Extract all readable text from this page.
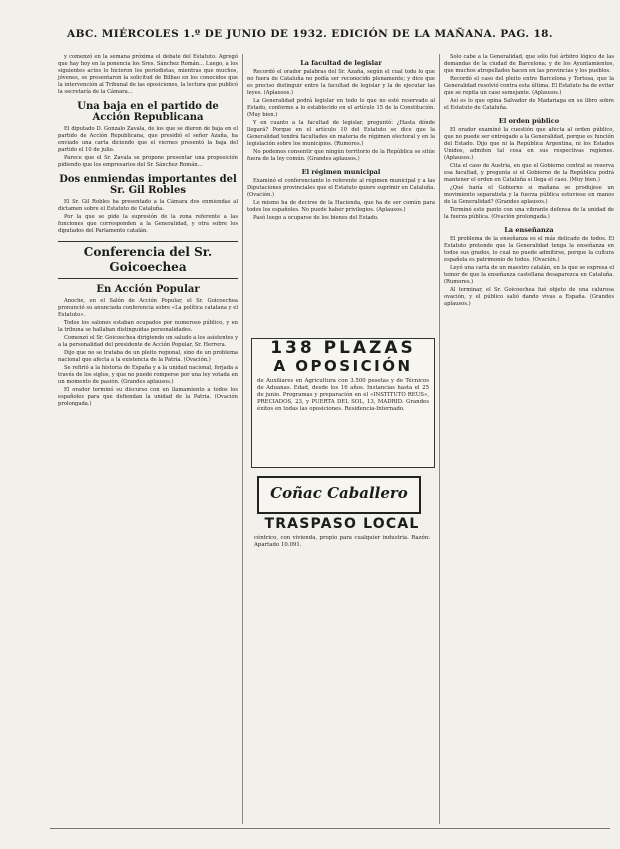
ABC. MIÉRCOLES 1.º DE JUNIO DE 1932. EDICIÓN DE LA MAÑANA. PAG. 18.

y comenzó en la semana próxima el debate del Estatuto. Agregó que hay hoy en la ponencia los Sres. Sánchez Román... Luego, a los siguientes actos lo hicieron los periodistas, mientras que muchos, jóvenes, se presentaron la solicitud de Bilbao en los conocidos que la intervención al Tribunal de las oposiciones, la lectura que publicó la secretaría de la Cámara...

Una baja en el partido de Acción Republicana

El diputado D. Gonzalo Zavala, de los que se dieron de baja en el partido de Acción Republicana, que presidió el señor Azaña, ha enviado una carta diciendo que el viernes presentó la baja del partido el 10 de julio.

Parece que el Sr. Zavala se propone presentar una proposición pidiendo que los empresarios del Sr. Sánchez Román...

Dos enmiendas importantes del Sr. Gil Robles

El Sr. Gil Robles ha presentado a la Cámara dos enmiendas al dictamen sobre el Estatuto de Cataluña.

Por la que se pide la supresión de la zona referente a las funciones que corresponden a la Generalidad, y otra sobre los diputados del Parlamento catalán.

Conferencia del Sr. Goicoechea
En Acción Popular

Anoche, en el Salón de Acción Popular, el Sr. Goicoechea pronunció su anunciada conferencia sobre «La política catalana y el Estatuto».

Todos los salones estaban ocupados por numeroso público, y en la tribuna se hallaban distinguidas personalidades.

Comenzó el Sr. Goicoechea dirigiendo un saludo a los asistentes y a la personalidad del presidente de Acción Popular, Sr. Herrera.

Dijo que no se trataba de un pleito regional, sino de un problema nacional que afecta a la existencia de la Patria. (Ovación.)

Se refirió a la historia de España y a la unidad nacional, forjada a través de los siglos, y que no puede romperse por una ley votada en un momento de pasión. (Grandes aplausos.)

El orador terminó su discurso con un llamamiento a todos los españoles para que defiendan la unidad de la Patria. (Ovación prolongada.)

La facultad de legislar

Recordó el orador palabras del Sr. Azaña, según el cual todo lo que no fuera de Cataluña no podía ser reconocido plenamente; y dice que es preciso distinguir entre la facultad de legislar y la de ejecutar las leyes. (Aplausos.)

La Generalidad podrá legislar en todo lo que no esté reservado al Estado, conforme a lo establecido en el artículo 15 de la Constitución. (Muy bien.)

Y en cuanto a la facultad de legislar, preguntó: ¿Hasta dónde llegará? Porque en el artículo 10 del Estatuto se dice que la Generalidad tendrá facultades en materia de régimen electoral y en la legislación sobre los municipios. (Rumores.)

No podemos consentir que ningún territorio de la República se sitúe fuera de la ley común. (Grandes aplausos.)

El régimen municipal

Examinó el conferenciante lo referente al régimen municipal y a las Diputaciones provinciales que el Estatuto quiere suprimir en Cataluña. (Ovación.)

Lo mismo ha de decirse de la Hacienda, que ha de ser común para todos los españoles. No puede haber privilegios. (Aplausos.)

Pasó luego a ocuparse de los bienes del Estado.

138 PLAZAS
A OPOSICIÓN
de Auxiliares en Agricultura con 3.500 pesetas y de Técnicos de Aduanas. Edad, desde los 16 años. Instancias hasta el 25 de junio. Programas y preparación en el «INSTITUTO REUS», PRECIADOS, 23, y PUERTA DEL SOL, 13, MADRID. Grandes éxitos en todas las oposiciones. Residencia-Internado.
Coñac Caballero
TRASPASO LOCAL
céntrico, con vivienda, propio para cualquier industria. Razón: Apartado 10.091.

Solo cabe a la Generalidad, que sólo fué árbitro lógico de las demandas de la ciudad de Barcelona; y de los Ayuntamientos, que muchos atropellados hacen en las provincias y los pueblos.

Recordó el caso del pleito entre Barcelona y Tortosa, que la Generalidad resolvió contra esta última. El Estatuto ha de evitar que se repita un caso semejante. (Aplausos.)

Así es lo que opina Salvador de Madariaga en su libro sobre el Estatuto de Cataluña.

El orden público

El orador examinó la cuestión que afecta al orden público, que no puede ser entregado a la Generalidad, porque es función del Estado. Dijo que ni la República Argentina, ni los Estados Unidos, admiten tal cosa en sus respectivas regiones. (Aplausos.)

Cita el caso de Austria, en que el Gobierno central se reserva esa facultad, y pregunta si el Gobierno de la República podrá mantener el orden en Cataluña si llega el caso. (Muy bien.)

¿Qué haría el Gobierno si mañana se produjese un movimiento separatista y la fuerza pública estuviese en manos de la Generalidad? (Grandes aplausos.)

Terminó este punto con una vibrante defensa de la unidad de la fuerza pública. (Ovación prolongada.)

La enseñanza

El problema de la enseñanza es el más delicado de todos. El Estatuto pretende que la Generalidad tenga la enseñanza en todos sus grados, lo cual no puede admitirse, porque la cultura española es patrimonio de todos. (Ovación.)

Leyó una carta de un maestro catalán, en la que se expresa el temor de que la enseñanza castellana desaparezca en Cataluña. (Rumores.)

Al terminar, el Sr. Goicoechea fué objeto de una calurosa ovación, y el público salió dando vivas a España. (Grandes aplausos.)
